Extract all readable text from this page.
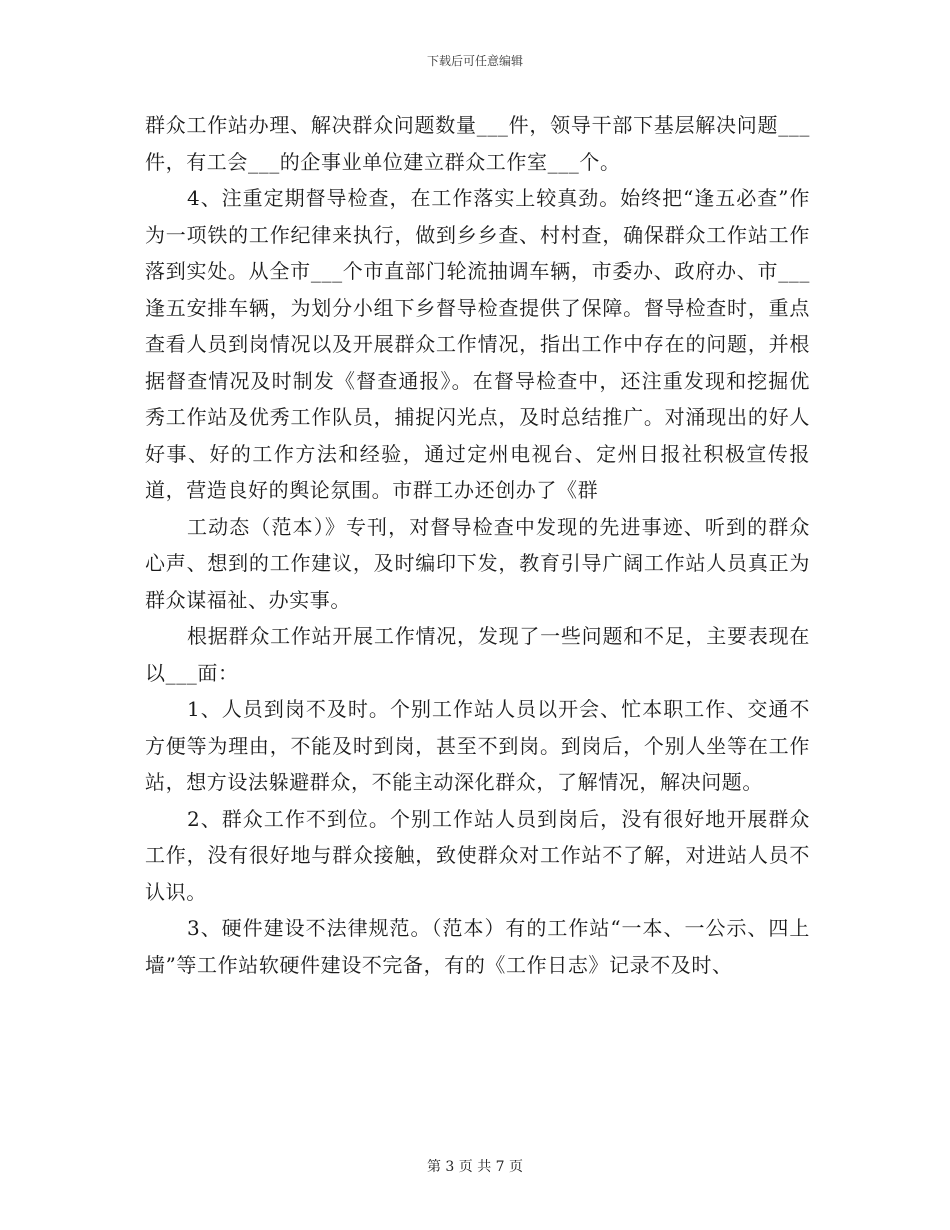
下载后可任意编辑

群众工作站办理、解决群众问题数量___件，领导干部下基层解决问题___件，有工会___的企事业单位建立群众工作室___个。

4、注重定期督导检查，在工作落实上较真劲。始终把“逢五必查”作为一项铁的工作纪律来执行，做到乡乡查、村村查，确保群众工作站工作落到实处。从全市___个市直部门轮流抽调车辆，市委办、政府办、市___逢五安排车辆，为划分小组下乡督导检查提供了保障。督导检查时，重点查看人员到岗情况以及开展群众工作情况，指出工作中存在的问题，并根据督查情况及时制发《督查通报》。在督导检查中，还注重发现和挖掘优秀工作站及优秀工作队员，捕捉闪光点，及时总结推广。对涌现出的好人好事、好的工作方法和经验，通过定州电视台、定州日报社积极宣传报道，营造良好的舆论氛围。市群工办还创办了《群

工动态（范本）》专刊，对督导检查中发现的先进事迹、听到的群众心声、想到的工作建议，及时编印下发，教育引导广阔工作站人员真正为群众谋福祉、办实事。

根据群众工作站开展工作情况，发现了一些问题和不足，主要表现在以___面：

1、人员到岗不及时。个别工作站人员以开会、忙本职工作、交通不方便等为理由，不能及时到岗，甚至不到岗。到岗后，个别人坐等在工作站，想方设法躲避群众，不能主动深化群众，了解情况，解决问题。

2、群众工作不到位。个别工作站人员到岗后，没有很好地开展群众工作，没有很好地与群众接触，致使群众对工作站不了解，对进站人员不认识。

3、硬件建设不法律规范。（范本）有的工作站“一本、一公示、四上墙”等工作站软硬件建设不完备，有的《工作日志》记录不及时、

第 3 页 共 7 页
